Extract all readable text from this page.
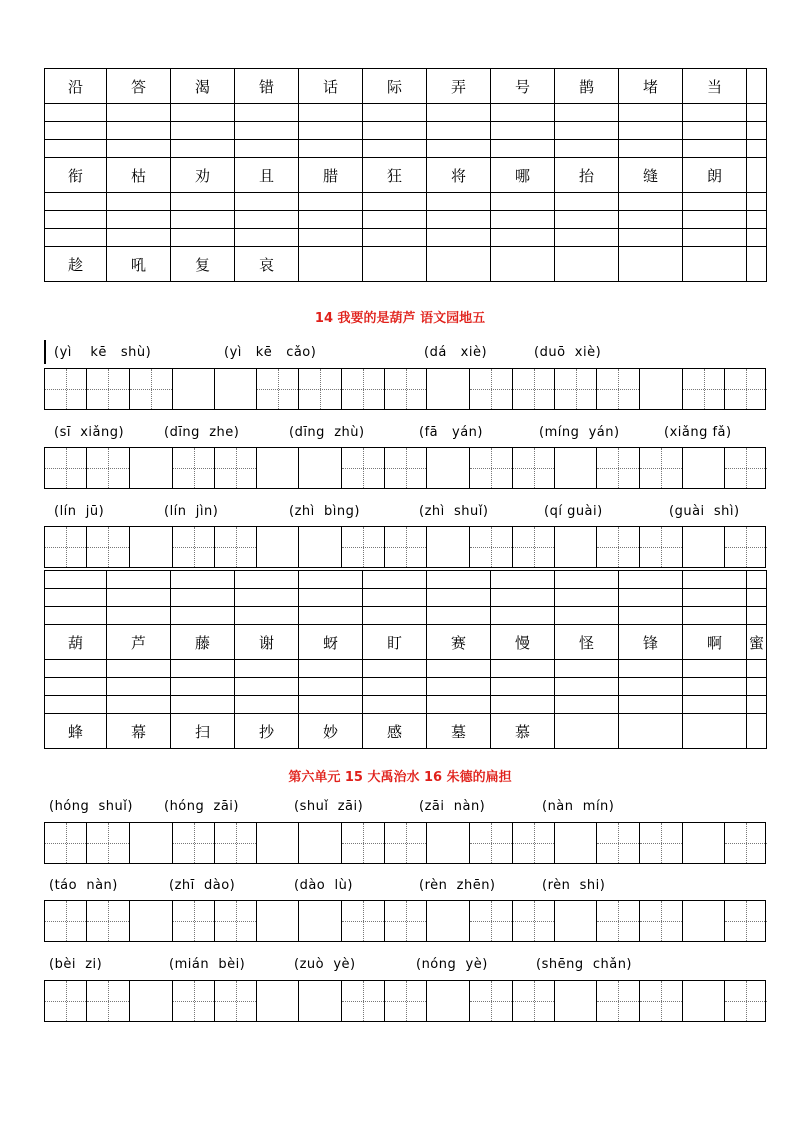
沿	答	渴	错	话	际	弄	号	鹊	堵	当	

衔	枯	劝	且	腊	狂	将	哪	抬	缝	朗	

趁	吼	复	哀								
14 我要的是葫芦 语文园地五
(yì    kē   shù)	(yì   kē   cǎo)	(dá   xiè)	(duō  xiè)
(sī  xiǎng)	(dīng  zhe)	(dīng  zhù)	(fā   yán)	(míng  yán)	(xiǎng fǎ)
(lín  jū)	(lín  jìn)	(zhì  bìng)	(zhì  shuǐ)	(qí guài)	(guài  shì)

葫	芦	藤	谢	蚜	盯	赛	慢	怪	锋	啊	蜜

蜂	幕	扫	抄	妙	感	墓	慕				
第六单元 15 大禹治水 16 朱德的扁担
(hóng  shuǐ) (hóng  zāi)	(shuǐ  zāi)	(zāi  nàn)	(nàn  mín)
(táo  nàn)	(zhī  dào)	(dào  lù)	(rèn  zhēn)	(rèn  shi)
(bèi  zi)	(mián  bèi)	(zuò  yè)	(nóng  yè)	(shēng  chǎn)
